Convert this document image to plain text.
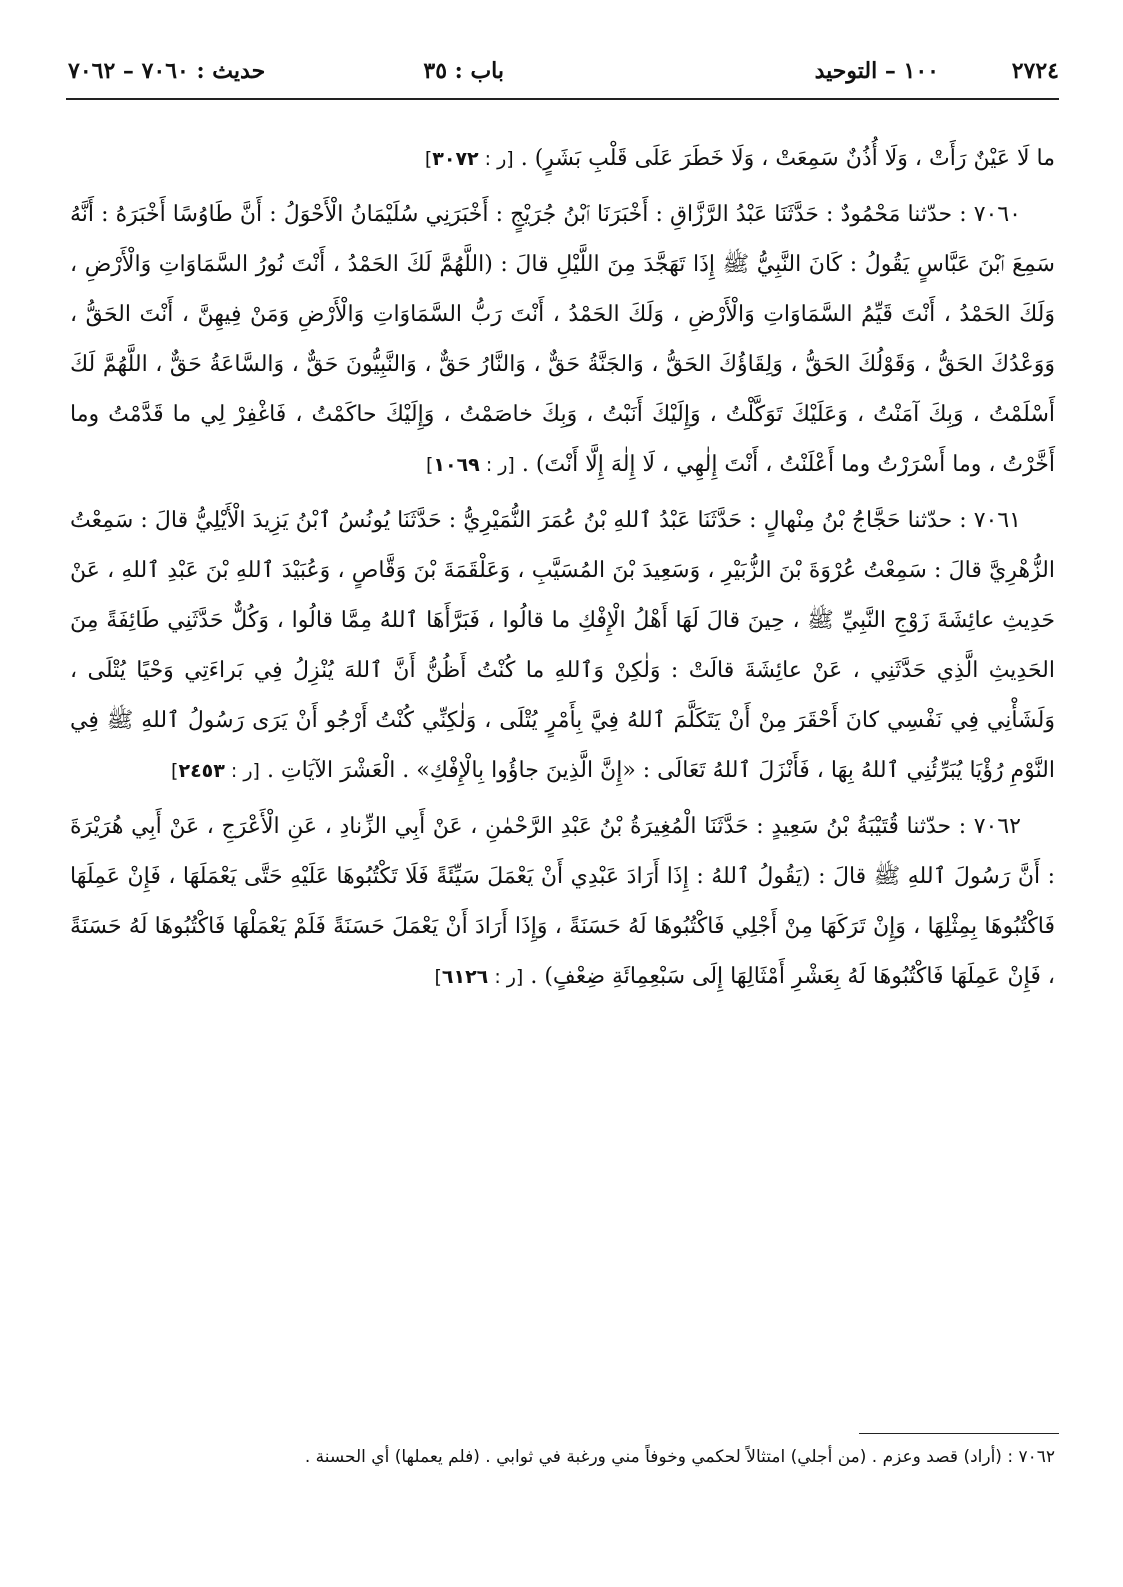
٢٧٢٤
١٠٠ – التوحيد
باب : ٣٥
حديث : ٧٠٦٠ – ٧٠٦٢

ما لَا عَيْنٌ رَأَتْ ، وَلَا أُذُنٌ سَمِعَتْ ، وَلَا خَطَرَ عَلَى قَلْبِ بَشَرٍ) . [ر : ٣٠٧٢]

٧٠٦٠ : حدّثنا مَحْمُودٌ : حَدَّثَنَا عَبْدُ الرَّزَّاقِ : أَخْبَرَنَا ٱبْنُ جُرَيْجٍ : أَخْبَرَنِي سُلَيْمَانُ الْأَحْوَلُ : أَنَّ طَاوُسًا أَخْبَرَهُ : أَنَّهُ سَمِعَ ٱبْنَ عَبَّاسٍ يَقُولُ : كَانَ النَّبِيُّ ﷺ إِذَا تَهَجَّدَ مِنَ اللَّيْلِ قالَ : (اللَّهُمَّ لَكَ الحَمْدُ ، أَنْتَ نُورُ السَّمَاوَاتِ وَالْأَرْضِ ، وَلَكَ الحَمْدُ ، أَنْتَ قَيِّمُ السَّمَاوَاتِ وَالْأَرْضِ ، وَلَكَ الحَمْدُ ، أَنْتَ رَبُّ السَّمَاوَاتِ وَالْأَرْضِ وَمَنْ فِيهِنَّ ، أَنْتَ الحَقُّ ، وَوَعْدُكَ الحَقُّ ، وَقَوْلُكَ الحَقُّ ، وَلِقَاؤُكَ الحَقُّ ، وَالجَنَّةُ حَقٌّ ، وَالنَّارُ حَقٌّ ، وَالنَّبِيُّونَ حَقٌّ ، وَالسَّاعَةُ حَقٌّ ، اللَّهُمَّ لَكَ أَسْلَمْتُ ، وَبِكَ آمَنْتُ ، وَعَلَيْكَ تَوَكَّلْتُ ، وَإِلَيْكَ أَنَبْتُ ، وَبِكَ خاصَمْتُ ، وَإِلَيْكَ حاكَمْتُ ، فَاغْفِرْ لِي ما قَدَّمْتُ وما أَخَّرْتُ ، وما أَسْرَرْتُ وما أَعْلَنْتُ ، أَنْتَ إِلٰهِي ، لَا إِلٰهَ إِلَّا أَنْتَ) . [ر : ١٠٦٩]

٧٠٦١ : حدّثنا حَجَّاجُ بْنُ مِنْهالٍ : حَدَّثَنَا عَبْدُ ٱللهِ بْنُ عُمَرَ النُّمَيْرِيُّ : حَدَّثَنَا يُونُسُ ٱبْنُ يَزِيدَ الْأَيْلِيُّ قالَ : سَمِعْتُ الزُّهْرِيَّ قالَ : سَمِعْتُ عُرْوَةَ بْنَ الزُّبَيْرِ ، وَسَعِيدَ بْنَ المُسَيَّبِ ، وَعَلْقَمَةَ بْنَ وَقَّاصٍ ، وَعُبَيْدَ ٱللهِ بْنَ عَبْدِ ٱللهِ ، عَنْ حَدِيثِ عائِشَةَ زَوْجِ النَّبِيِّ ﷺ ، حِينَ قالَ لَهَا أَهْلُ الْإِفْكِ ما قالُوا ، فَبَرَّأَهَا ٱللهُ مِمَّا قالُوا ، وَكُلٌّ حَدَّثَنِي طَائِفَةً مِنَ الحَدِيثِ الَّذِي حَدَّثَنِي ، عَنْ عائِشَةَ قالَتْ : وَلٰكِنْ وَٱللهِ ما كُنْتُ أَظُنُّ أَنَّ ٱللهَ يُنْزِلُ فِي بَراءَتِي وَحْيًا يُتْلَى ، وَلَشَأْنِي فِي نَفْسِي كانَ أَحْقَرَ مِنْ أَنْ يَتَكَلَّمَ ٱللهُ فِيَّ بِأَمْرٍ يُتْلَى ، وَلٰكِنِّي كُنْتُ أَرْجُو أَنْ يَرَى رَسُولُ ٱللهِ ﷺ فِي النَّوْمِ رُؤْيَا يُبَرِّئُنِي ٱللهُ بِهَا ، فَأَنْزَلَ ٱللهُ تَعَالَى : «إِنَّ الَّذِينَ جاؤُوا بِالْإِفْكِ» . الْعَشْرَ الآيَاتِ . [ر : ٢٤٥٣]

٧٠٦٢ : حدّثنا قُتَيْبَةُ بْنُ سَعِيدٍ : حَدَّثَنَا الْمُغِيرَةُ بْنُ عَبْدِ الرَّحْمٰنِ ، عَنْ أَبِي الزِّنادِ ، عَنِ الْأَعْرَجِ ، عَنْ أَبِي هُرَيْرَةَ : أَنَّ رَسُولَ ٱللهِ ﷺ قالَ : (يَقُولُ ٱللهُ : إِذَا أَرَادَ عَبْدِي أَنْ يَعْمَلَ سَيِّئَةً فَلَا تَكْتُبُوهَا عَلَيْهِ حَتَّى يَعْمَلَهَا ، فَإِنْ عَمِلَهَا فَاكْتُبُوهَا بِمِثْلِهَا ، وَإِنْ تَرَكَهَا مِنْ أَجْلِي فَاكْتُبُوهَا لَهُ حَسَنَةً ، وَإِذَا أَرَادَ أَنْ يَعْمَلَ حَسَنَةً فَلَمْ يَعْمَلْهَا فَاكْتُبُوهَا لَهُ حَسَنَةً ، فَإِنْ عَمِلَهَا فَاكْتُبُوهَا لَهُ بِعَشْرِ أَمْثَالِهَا إِلَى سَبْعِمِائَةِ ضِعْفٍ) . [ر : ٦١٢٦]

٧٠٦٢ : (أراد) قصد وعزم . (من أجلي) امتثالاً لحكمي وخوفاً مني ورغبة في ثوابي . (فلم يعملها) أي الحسنة .
